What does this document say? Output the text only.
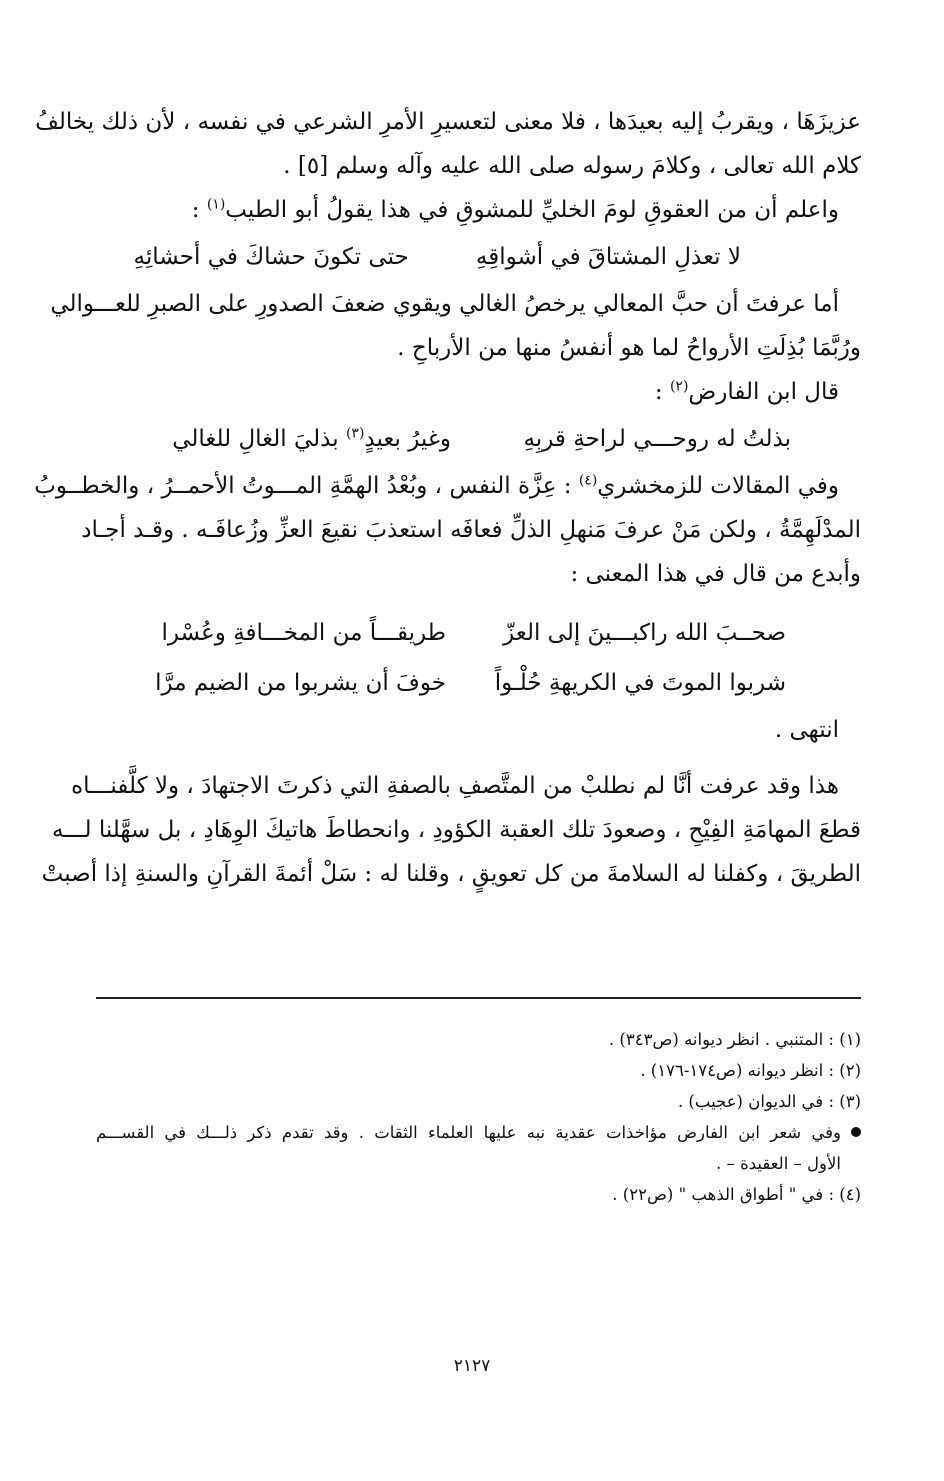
عزيزَهَا ، ويقربُ إليه بعيدَها ، فلا معنى لتعسيرِ الأمرِ الشرعي في نفسه ، لأن ذلك يخالفُ
كلام الله تعالى ، وكلامَ رسوله صلى الله عليه وآله وسلم [٥] .
واعلم أن من العقوقِ لومَ الخليِّ للمشوقِ في هذا يقولُ أبو الطيب$^{(١)}$ :
لا تعذلِ المشتاقَ في أشواقِهِ
حتى تكونَ حشاكَ في أحشائِهِ
أما عرفتَ أن حبَّ المعالي يرخصُ الغالي ويقوي ضعفَ الصدورِ على الصبرِ للعـــوالي
ورُبَّمَا بُذِلَتِ الأرواحُ لما هو أنفسُ منها من الأرباحِ .
قال ابن الفارض$^{(٢)}$ :
بذلتُ له روحـــي لراحةِ قربِهِ
وغيرُ بعيدٍ$^{(٣)}$ بذليَ الغالِ للغالي
وفي المقالات للزمخشري$^{(٤)}$ : عِزَّة النفس ، وبُعْدُ الهمَّةِ المـــوتُ الأحمــرُ ، والخطــوبُ
المدْلَهِمَّةُ ، ولكن مَنْ عرفَ مَنهلِ الذلِّ فعافَه استعذبَ نقيعَ العزِّ وزُعافَـه . وقـد أجـاد
وأبدع من قال في هذا المعنى :
صحــبَ الله راكبـــينَ إلى العزّ
طريقـــاً من المخـــافةِ وعُسْرا
شربوا الموتَ في الكريهةِ حُلْـواً
خوفَ أن يشربوا من الضيم مرَّا
انتهى .
هذا وقد عرفت أنَّا لم نطلبْ من المتَّصفِ بالصفةِ التي ذكرتَ الاجتهادَ ، ولا كلَّفنـــاه
قطعَ المهامَةِ الفِيْحِ ، وصعودَ تلك العقبة الكؤودِ ، وانحطاطَ هاتيكَ الوِهَادِ ، بل سهَّلنا لـــه
الطريقَ ، وكفلنا له السلامةَ من كل تعويقٍ ، وقلنا له : سَلْ أئمةَ القرآنِ والسنةِ إذا أصبتْ
(١) : المتنبي . انظر ديوانه (ص٣٤٣) .
(٢) : انظر ديوانه (ص١٧٤-١٧٦) .
(٣) : في الديوان (عجيب) .
وفي شعر ابن الفارض مؤاخذات عقدية نبه عليها العلماء الثقات . وقد تقدم ذكر ذلـــك في القســـم
الأول – العقيدة – .
(٤) : في " أطواق الذهب " (ص٢٢) .
٢١٢٧
